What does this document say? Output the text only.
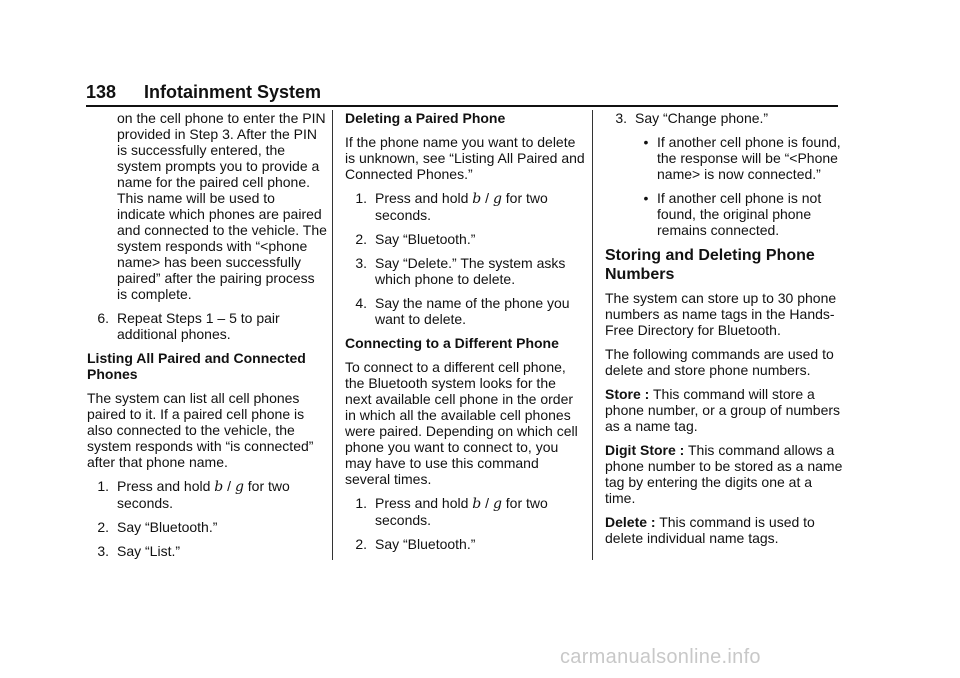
138 Infotainment System

on the cell phone to enter the PIN provided in Step 3. After the PIN is successfully entered, the system prompts you to provide a name for the paired cell phone. This name will be used to indicate which phones are paired and connected to the vehicle. The system responds with “<phone name> has been successfully paired” after the pairing process is complete.

6. Repeat Steps 1 – 5 to pair additional phones.

Listing All Paired and Connected Phones

The system can list all cell phones paired to it. If a paired cell phone is also connected to the vehicle, the system responds with “is connected” after that phone name.

1. Press and hold b / g for two seconds.
2. Say “Bluetooth.”
3. Say “List.”

Deleting a Paired Phone

If the phone name you want to delete is unknown, see “Listing All Paired and Connected Phones.”

1. Press and hold b / g for two seconds.
2. Say “Bluetooth.”
3. Say “Delete.” The system asks which phone to delete.
4. Say the name of the phone you want to delete.

Connecting to a Different Phone

To connect to a different cell phone, the Bluetooth system looks for the next available cell phone in the order in which all the available cell phones were paired. Depending on which cell phone you want to connect to, you may have to use this command several times.

1. Press and hold b / g for two seconds.
2. Say “Bluetooth.”
3. Say “Change phone.”
• If another cell phone is found, the response will be “<Phone name> is now connected.”
• If another cell phone is not found, the original phone remains connected.

Storing and Deleting Phone Numbers

The system can store up to 30 phone numbers as name tags in the Hands-Free Directory for Bluetooth.

The following commands are used to delete and store phone numbers.

Store : This command will store a phone number, or a group of numbers as a name tag.

Digit Store : This command allows a phone number to be stored as a name tag by entering the digits one at a time.

Delete : This command is used to delete individual name tags.

carmanualsonline.info
